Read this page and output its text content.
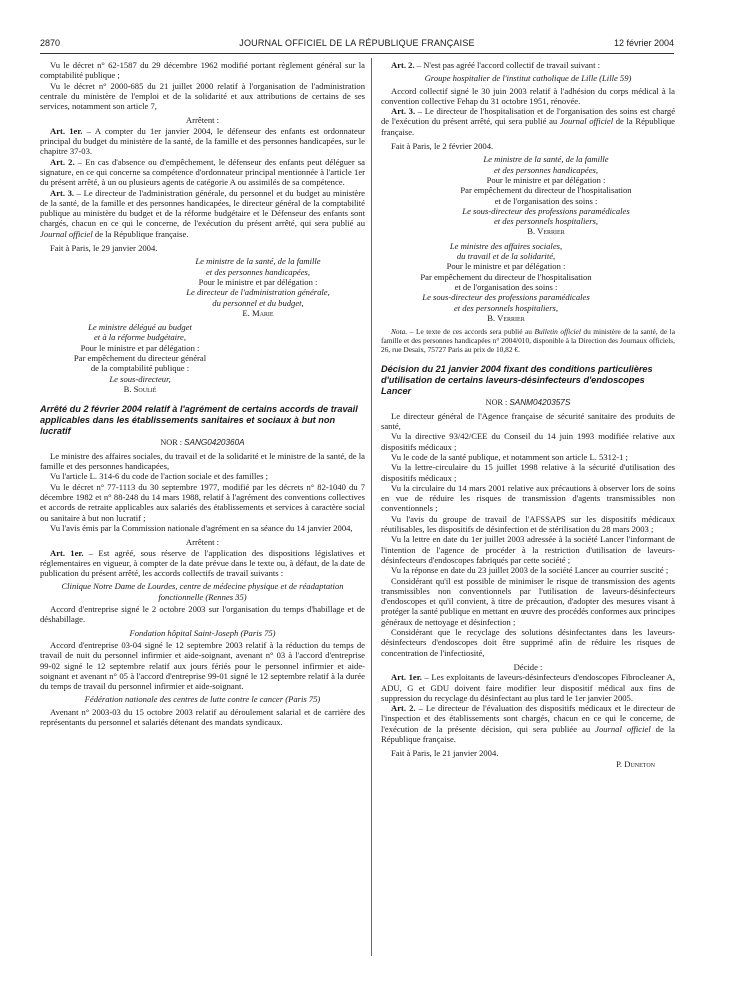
2870	JOURNAL OFFICIEL DE LA RÉPUBLIQUE FRANÇAISE	12 février 2004

Vu le décret n° 62-1587 du 29 décembre 1962 modifié portant règlement général sur la comptabilité publique ;

Vu le décret n° 2000-685 du 21 juillet 2000 relatif à l'organisation de l'administration centrale du ministère de l'emploi et de la solidarité et aux attributions de certains de ses services, notamment son article 7,

Arrêtent :

Art. 1er. – A compter du 1er janvier 2004, le défenseur des enfants est ordonnateur principal du budget du ministère de la santé, de la famille et des personnes handicapées, sur le chapitre 37-03.

Art. 2. – En cas d'absence ou d'empêchement, le défenseur des enfants peut déléguer sa signature, en ce qui concerne sa compétence d'ordonnateur principal mentionnée à l'article 1er du présent arrêté, à un ou plusieurs agents de catégorie A ou assimilés de sa compétence.

Art. 3. – Le directeur de l'administration générale, du personnel et du budget au ministère de la santé, de la famille et des personnes handicapées, le directeur général de la comptabilité publique au ministère du budget et de la réforme budgétaire et le Défenseur des enfants sont chargés, chacun en ce qui le concerne, de l'exécution du présent arrêté, qui sera publié au Journal officiel de la République française.

Fait à Paris, le 29 janvier 2004.

Le ministre de la santé, de la famille
et des personnes handicapées,
Pour le ministre et par délégation :
Le directeur de l'administration générale,
du personnel et du budget,
E. Marie
Le ministre délégué au budget
et à la réforme budgétaire,
Pour le ministre et par délégation :
Par empêchement du directeur général
de la comptabilité publique :
Le sous-directeur,
B. Soulié

Arrêté du 2 février 2004 relatif à l'agrément de certains accords de travail applicables dans les établissements sanitaires et sociaux à but non lucratif

NOR : SANG0420360A

Le ministre des affaires sociales, du travail et de la solidarité et le ministre de la santé, de la famille et des personnes handicapées,

Vu l'article L. 314-6 du code de l'action sociale et des familles ;

Vu le décret n° 77-1113 du 30 septembre 1977, modifié par les décrets n° 82-1040 du 7 décembre 1982 et n° 88-248 du 14 mars 1988, relatif à l'agrément des conventions collectives et accords de retraite applicables aux salariés des établissements et services à caractère social ou sanitaire à but non lucratif ;

Vu l'avis émis par la Commission nationale d'agrément en sa séance du 14 janvier 2004,

Arrêtent :

Art. 1er. – Est agréé, sous réserve de l'application des dispositions législatives et réglementaires en vigueur, à compter de la date prévue dans le texte ou, à défaut, de la date de publication du présent arrêté, les accords collectifs de travail suivants :

Clinique Notre Dame de Lourdes, centre de médecine physique et de réadaptation fonctionnelle (Rennes 35)

Accord d'entreprise signé le 2 octobre 2003 sur l'organisation du temps d'habillage et de déshabillage.

Fondation hôpital Saint-Joseph (Paris 75)

Accord d'entreprise 03-04 signé le 12 septembre 2003 relatif à la réduction du temps de travail de nuit du personnel infirmier et aide-soignant, avenant n° 03 à l'accord d'entreprise 99-02 signé le 12 septembre relatif aux jours fériés pour le personnel infirmier et aide-soignant et avenant n° 05 à l'accord d'entreprise 99-01 signé le 12 septembre relatif à la durée du temps de travail du personnel infirmier et aide-soignant.

Fédération nationale des centres de lutte contre le cancer (Paris 75)

Avenant n° 2003-03 du 15 octobre 2003 relatif au déroulement salarial et de carrière des représentants du personnel et salariés détenant des mandats syndicaux.

Art. 2. – N'est pas agréé l'accord collectif de travail suivant :

Groupe hospitalier de l'institut catholique de Lille (Lille 59)

Accord collectif signé le 30 juin 2003 relatif à l'adhésion du corps médical à la convention collective Fehap du 31 octobre 1951, rénovée.

Art. 3. – Le directeur de l'hospitalisation et de l'organisation des soins est chargé de l'exécution du présent arrêté, qui sera publié au Journal officiel de la République française.

Fait à Paris, le 2 février 2004.

Le ministre de la santé, de la famille
et des personnes handicapées,
Pour le ministre et par délégation :
Par empêchement du directeur de l'hospitalisation
et de l'organisation des soins :
Le sous-directeur des professions paramédicales
et des personnels hospitaliers,
B. Verrier
Le ministre des affaires sociales,
du travail et de la solidarité,
Pour le ministre et par délégation :
Par empêchement du directeur de l'hospitalisation
et de l'organisation des soins :
Le sous-directeur des professions paramédicales
et des personnels hospitaliers,
B. Verrier

Nota. – Le texte de ces accords sera publié au Bulletin officiel du ministère de la santé, de la famille et des personnes handicapées n° 2004/010, disponible à la Direction des Journaux officiels, 26, rue Desaix, 75727 Paris au prix de 10,82 €.

Décision du 21 janvier 2004 fixant des conditions particulières d'utilisation de certains laveurs-désinfecteurs d'endoscopes Lancer

NOR : SANM0420357S

Le directeur général de l'Agence française de sécurité sanitaire des produits de santé,

Vu la directive 93/42/CEE du Conseil du 14 juin 1993 modifiée relative aux dispositifs médicaux ;

Vu le code de la santé publique, et notamment son article L. 5312-1 ;

Vu la lettre-circulaire du 15 juillet 1998 relative à la sécurité d'utilisation des dispositifs médicaux ;

Vu la circulaire du 14 mars 2001 relative aux précautions à observer lors de soins en vue de réduire les risques de transmission d'agents transmissibles non conventionnels ;

Vu l'avis du groupe de travail de l'AFSSAPS sur les dispositifs médicaux réutilisables, les dispositifs de désinfection et de stérilisation du 28 mars 2003 ;

Vu la lettre en date du 1er juillet 2003 adressée à la société Lancer l'informant de l'intention de l'agence de procéder à la restriction d'utilisation de laveurs-désinfecteurs d'endoscopes fabriqués par cette société ;

Vu la réponse en date du 23 juillet 2003 de la société Lancer au courrier suscité ;

Considérant qu'il est possible de minimiser le risque de transmission des agents transmissibles non conventionnels par l'utilisation de laveurs-désinfecteurs d'endoscopes et qu'il convient, à titre de précaution, d'adopter des mesures visant à protéger la santé publique en mettant en œuvre des procédés conformes aux principes généraux de nettoyage et désinfection ;

Considérant que le recyclage des solutions désinfectantes dans les laveurs-désinfecteurs d'endoscopes doit être supprimé afin de réduire les risques de concentration de l'infectiosité,

Décide :

Art. 1er. – Les exploitants de laveurs-désinfecteurs d'endoscopes Fibrocleaner A, ADU, G et GDU doivent faire modifier leur dispositif médical aux fins de suppression du recyclage du désinfectant au plus tard le 1er janvier 2005.

Art. 2. – Le directeur de l'évaluation des dispositifs médicaux et le directeur de l'inspection et des établissements sont chargés, chacun en ce qui le concerne, de l'exécution de la présente décision, qui sera publiée au Journal officiel de la République française.

Fait à Paris, le 21 janvier 2004.

P. Duneton
